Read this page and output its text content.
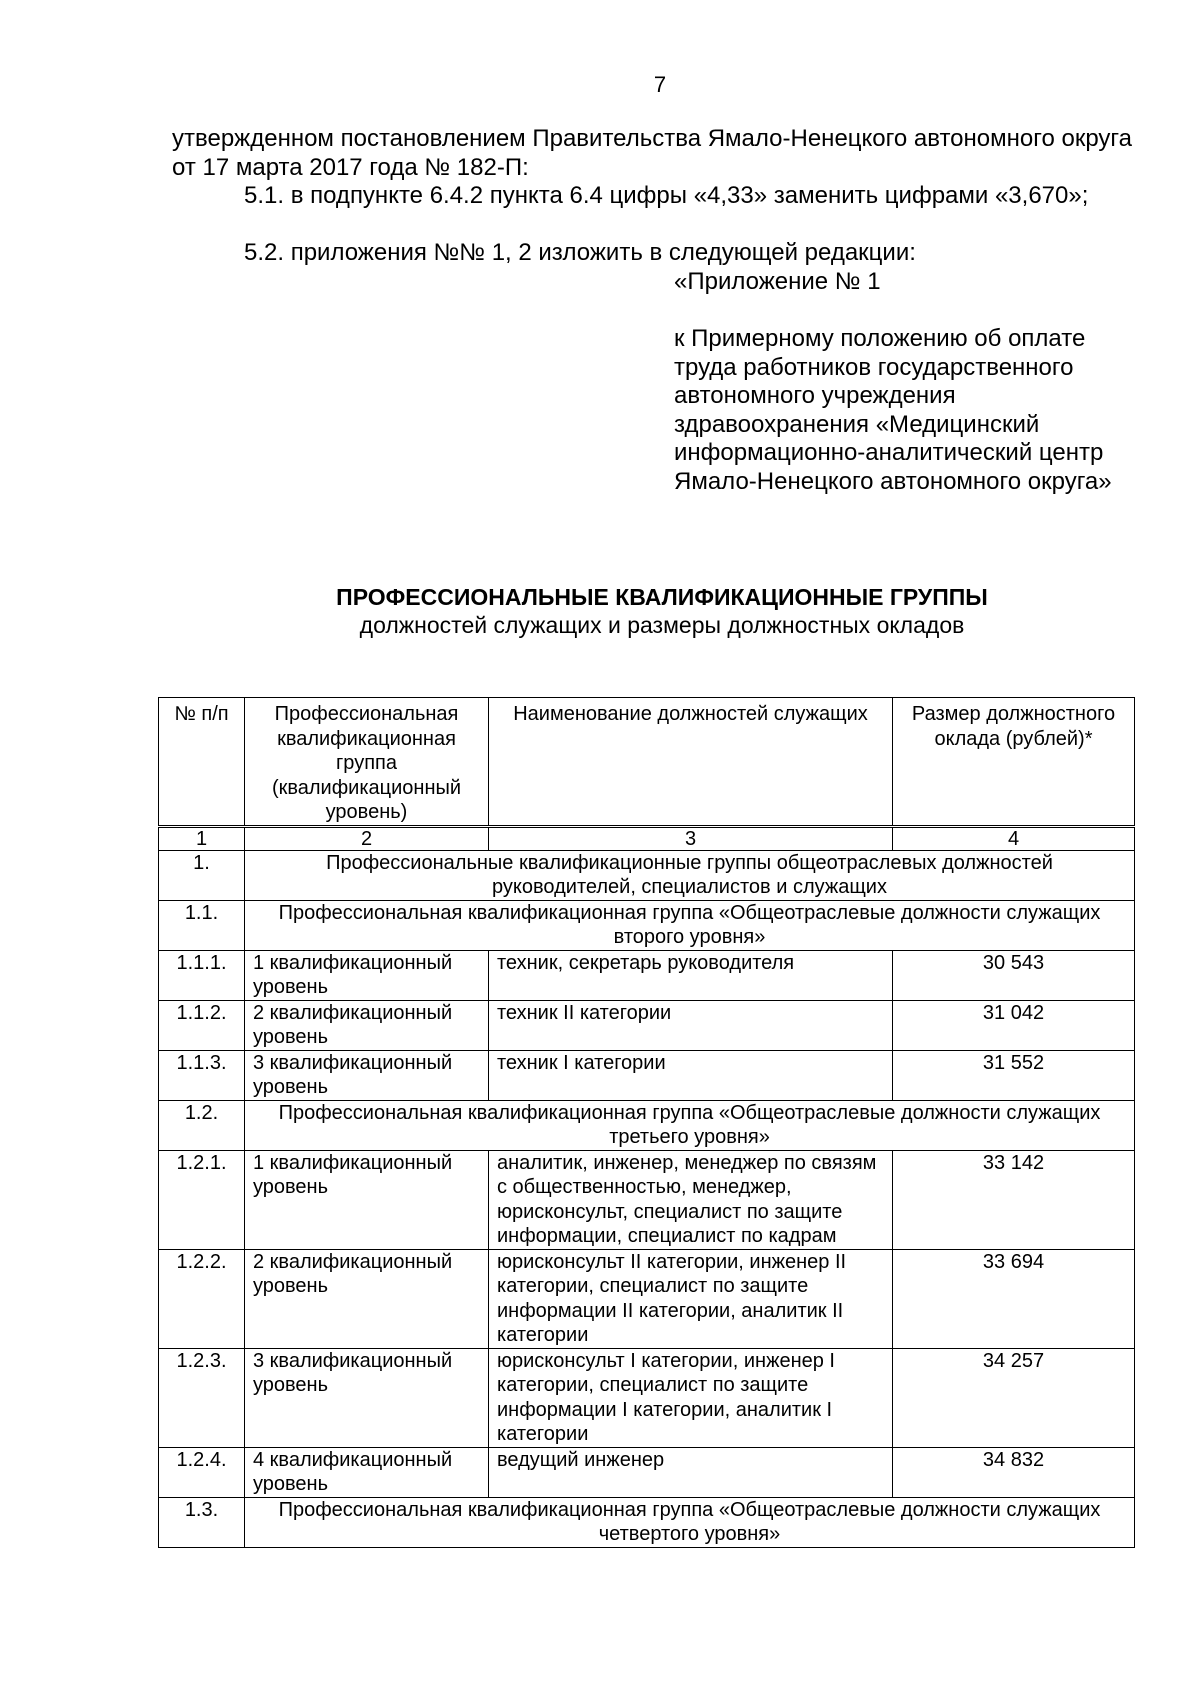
7
утвержденном постановлением Правительства Ямало-Ненецкого автономного округа от 17 марта 2017 года № 182-П:
5.1. в подпункте 6.4.2 пункта 6.4 цифры «4,33» заменить цифрами «3,670»;
5.2. приложения №№ 1, 2 изложить в следующей редакции:
«Приложение № 1
к Примерному положению об оплате труда работников государственного автономного учреждения здравоохранения «Медицинский информационно-аналитический центр Ямало-Ненецкого автономного округа»
ПРОФЕССИОНАЛЬНЫЕ КВАЛИФИКАЦИОННЫЕ ГРУППЫ
должностей служащих и размеры должностных окладов
№ п/п	Профессиональная квалификационная группа (квалификационный уровень)	Наименование должностей служащих	Размер должностного оклада (рублей)*
1	2	3	4
1.	Профессиональные квалификационные группы общеотраслевых должностей руководителей, специалистов и служащих		
1.1.	Профессиональная квалификационная группа «Общеотраслевые должности служащих второго уровня»		
1.1.1.	1 квалификационный уровень	техник, секретарь руководителя	30 543
1.1.2.	2 квалификационный уровень	техник II категории	31 042
1.1.3.	3 квалификационный уровень	техник I категории	31 552
1.2.	Профессиональная квалификационная группа «Общеотраслевые должности служащих третьего уровня»		
1.2.1.	1 квалификационный уровень	аналитик, инженер, менеджер по связям с общественностью, менеджер, юрисконсульт, специалист по защите информации, специалист по кадрам	33 142
1.2.2.	2 квалификационный уровень	юрисконсульт II категории, инженер II категории, специалист по защите информации II категории, аналитик II категории	33 694
1.2.3.	3 квалификационный уровень	юрисконсульт I категории, инженер I категории, специалист по защите информации I категории, аналитик I категории	34 257
1.2.4.	4 квалификационный уровень	ведущий инженер	34 832
1.3.	Профессиональная квалификационная группа «Общеотраслевые должности служащих четвертого уровня»		
